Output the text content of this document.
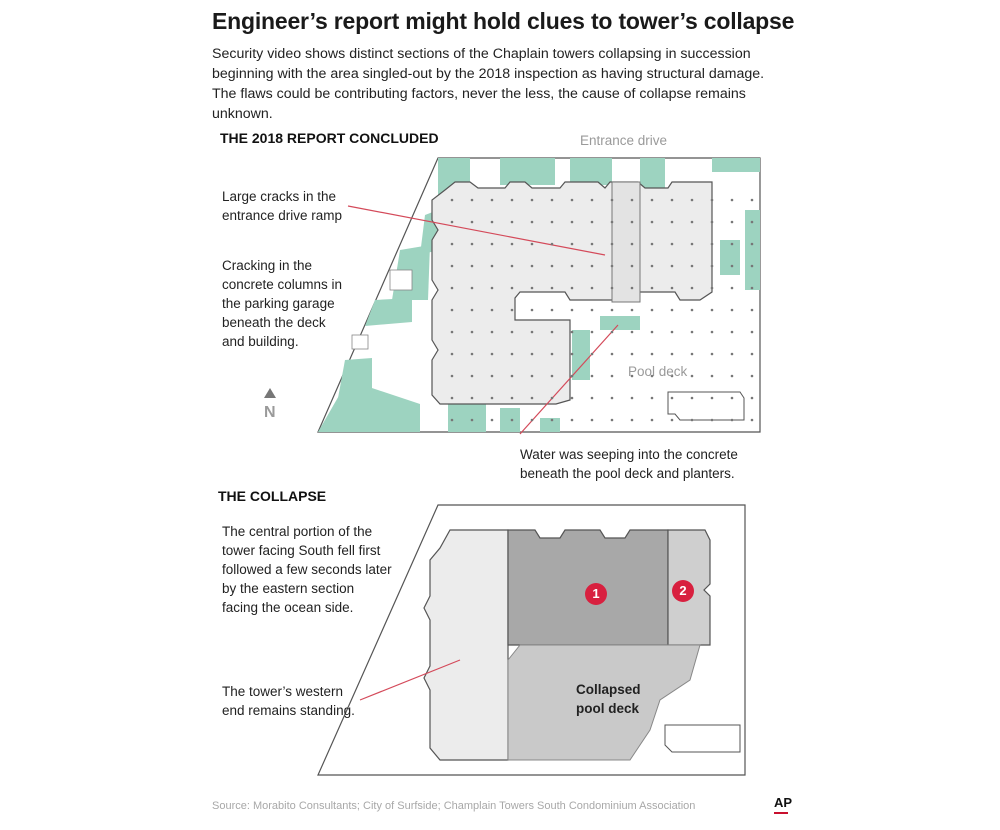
Engineer’s report might hold clues to tower’s collapse
Security video shows distinct sections of the Chaplain towers collapsing in succession beginning with the area singled-out by the 2018 inspection as having structural damage. The flaws could be contributing factors, never the less, the cause of collapse remains unknown.
THE 2018 REPORT CONCLUDED	Entrance drive
Large cracks in the entrance drive ramp
Cracking in the concrete columns in the parking garage beneath the deck and building.
Pool deck
N
Water was seeping into the concrete beneath the pool deck and planters.
THE COLLAPSE
The central portion of the tower facing South fell first followed a few seconds later by the eastern section facing the ocean side.
The tower’s western end remains standing.
Collapsed pool deck
1	2
Source: Morabito Consultants; City of Surfside; Champlain Towers South Condominium Association	AP
